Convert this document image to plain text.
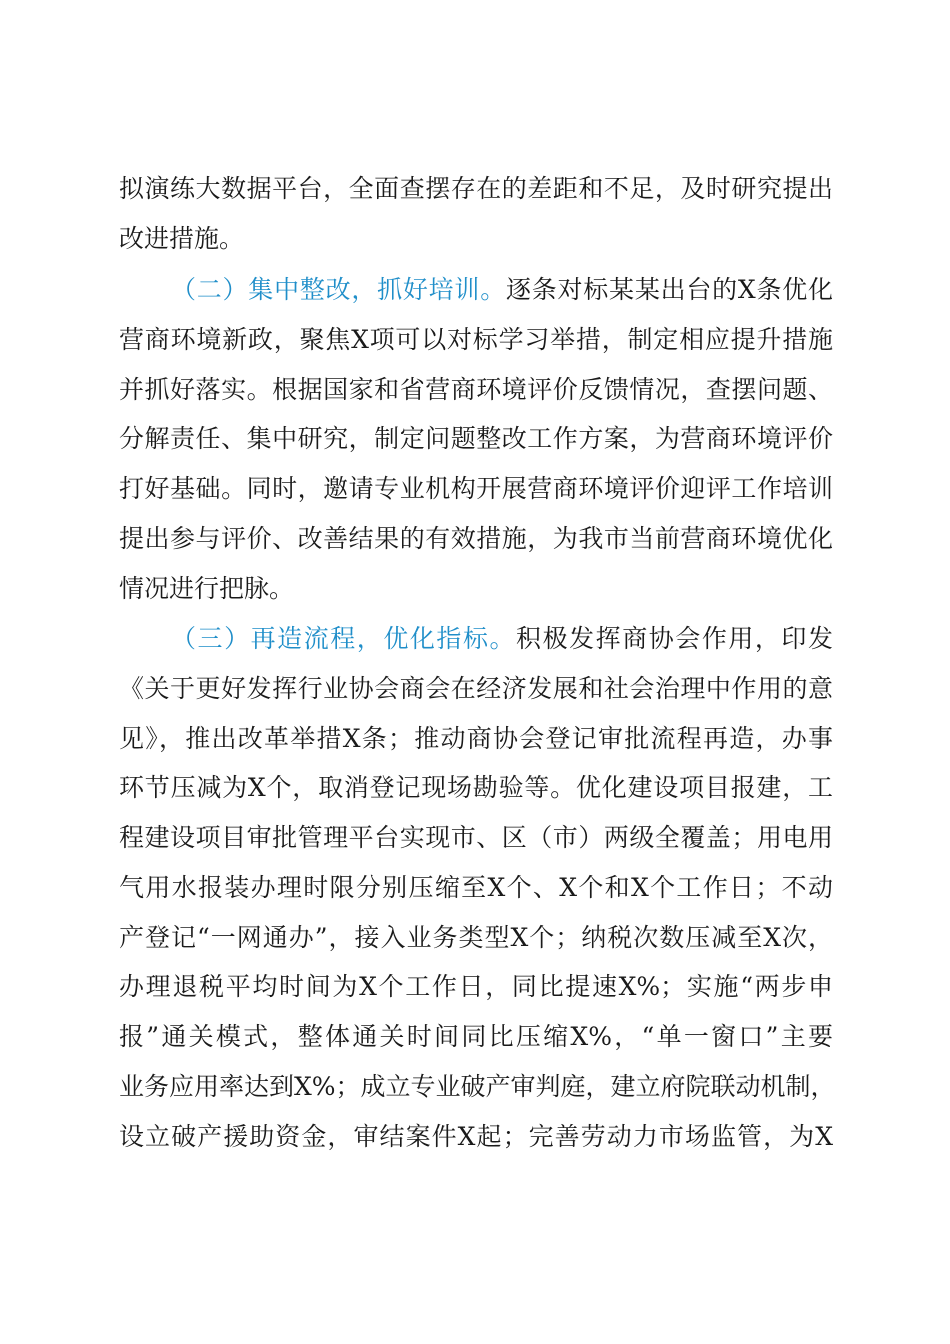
拟演练大数据平台，全面查摆存在的差距和不足，及时研究提出
改进措施。
（二）集中整改，抓好培训。逐条对标某某出台的X条优化
营商环境新政，聚焦X项可以对标学习举措，制定相应提升措施
并抓好落实。根据国家和省营商环境评价反馈情况，查摆问题、
分解责任、集中研究，制定问题整改工作方案，为营商环境评价
打好基础。同时，邀请专业机构开展营商环境评价迎评工作培训
提出参与评价、改善结果的有效措施，为我市当前营商环境优化
情况进行把脉。
（三）再造流程，优化指标。积极发挥商协会作用，印发
《关于更好发挥行业协会商会在经济发展和社会治理中作用的意
见》，推出改革举措X条；推动商协会登记审批流程再造，办事
环节压减为X个，取消登记现场勘验等。优化建设项目报建，工
程建设项目审批管理平台实现市、区（市）两级全覆盖；用电用
气用水报装办理时限分别压缩至X个、X个和X个工作日；不动
产登记“一网通办”，接入业务类型X个；纳税次数压减至X次，
办理退税平均时间为X个工作日，同比提速X%；实施“两步申
报”通关模式，整体通关时间同比压缩X%，“单一窗口”主要
业务应用率达到X%；成立专业破产审判庭，建立府院联动机制，
设立破产援助资金，审结案件X起；完善劳动力市场监管，为X
